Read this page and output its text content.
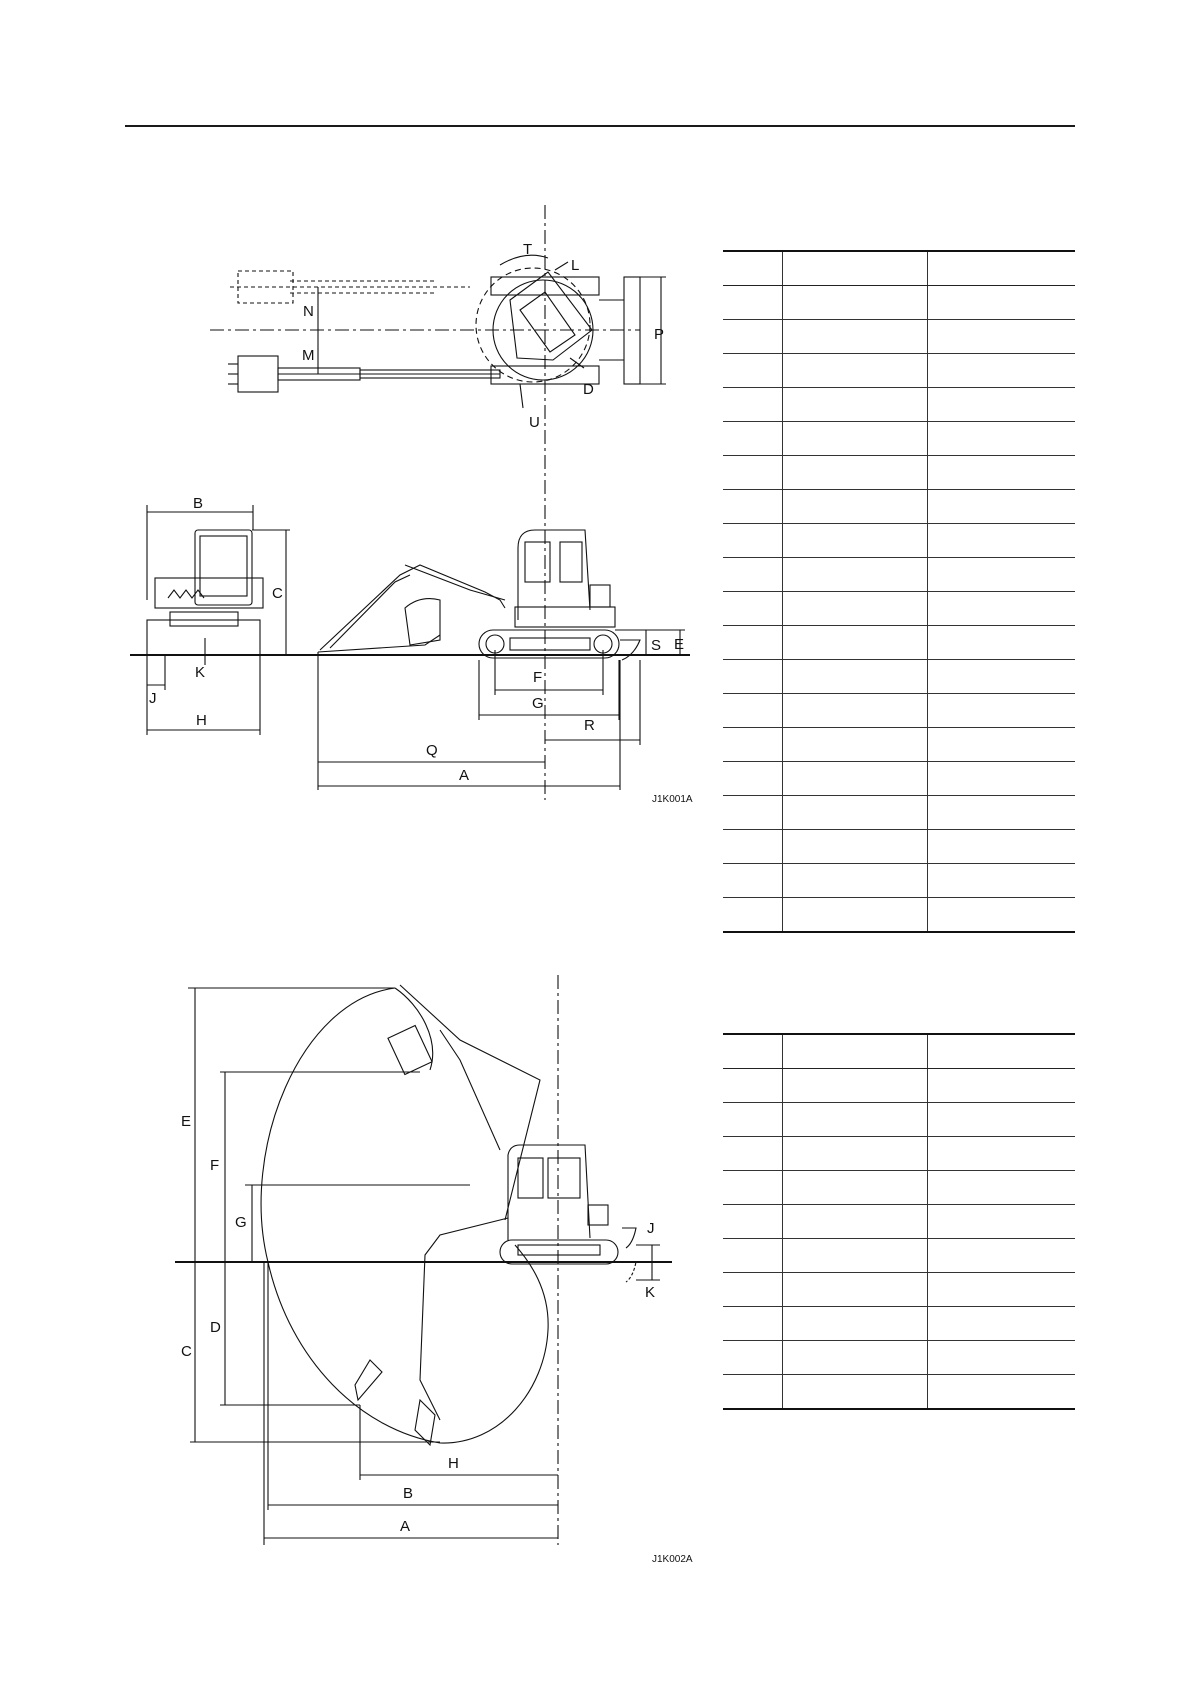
T
L
N
M
P
D
U
B
C
E
S
K
J
H
F
G
R
Q
A
J1K001A
E
F
G	J
K
C
D
H
B
A
J1K002A
